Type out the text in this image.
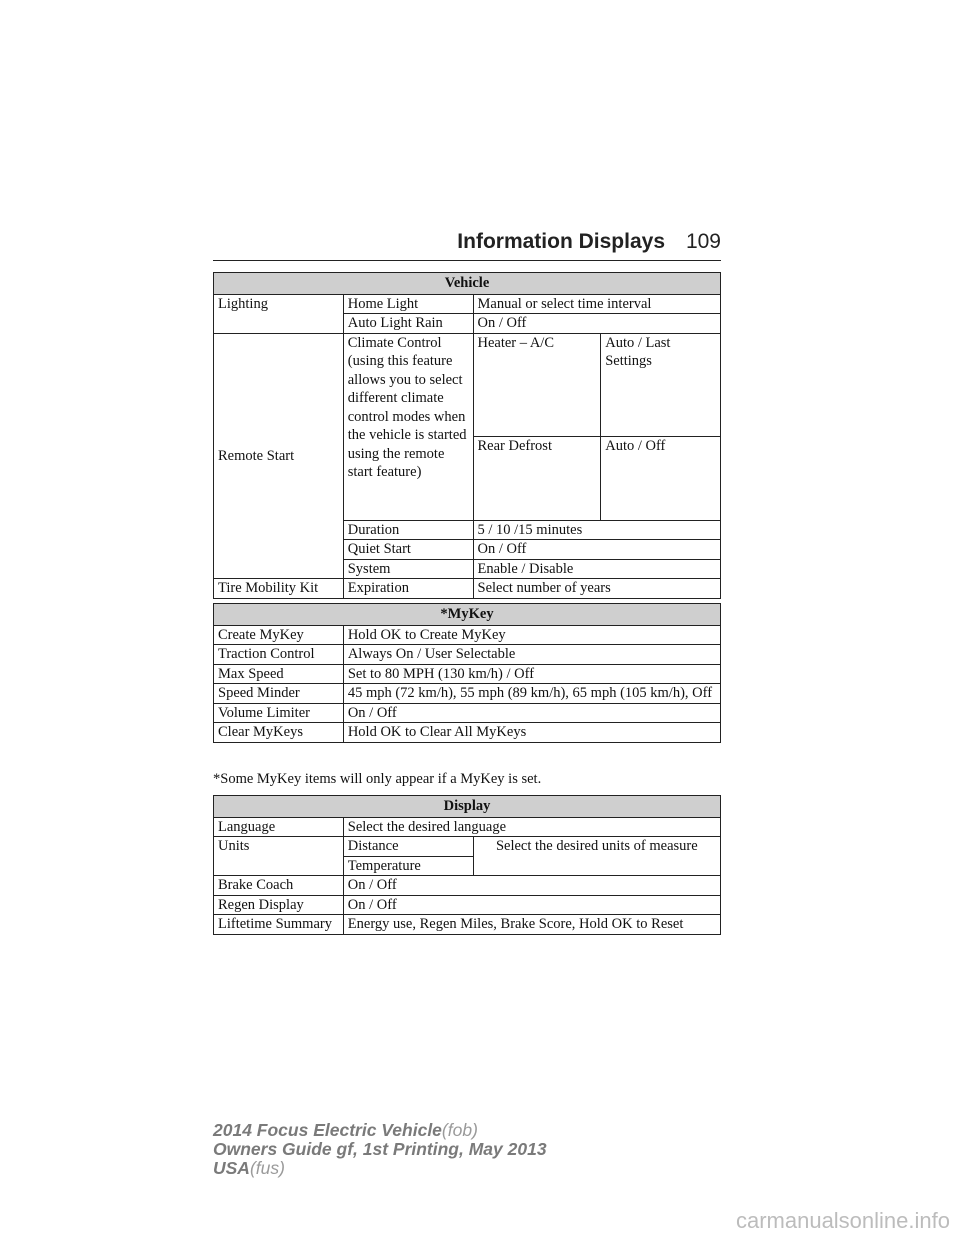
Information Displays 109
Vehicle			
Lighting	Home Light	Manual or select time interval	
	Auto Light Rain	On / Off	
Remote Start	Climate Control (using this feature allows you to select different climate control modes when the vehicle is started using the remote start feature)	Heater – A/C	Auto / Last Settings
		Rear Defrost	Auto / Off
	Duration	5 / 10 /15 minutes	
	Quiet Start	On / Off	
	System	Enable / Disable	
Tire Mobility Kit	Expiration	Select number of years	
*MyKey	
Create MyKey	Hold OK to Create MyKey
Traction Control	Always On / User Selectable
Max Speed	Set to 80 MPH (130 km/h) / Off
Speed Minder	45 mph (72 km/h), 55 mph (89 km/h), 65 mph (105 km/h), Off
Volume Limiter	On / Off
Clear MyKeys	Hold OK to Clear All MyKeys
*Some MyKey items will only appear if a MyKey is set.
Display		
Language	Select the desired language	
Units	Distance	Select the desired units of measure
	Temperature	
Brake Coach	On / Off	
Regen Display	On / Off	
Liftetime Summary	Energy use, Regen Miles, Brake Score, Hold OK to Reset	
2014 Focus Electric Vehicle(fob)
Owners Guide gf, 1st Printing, May 2013
USA(fus)
carmanualsonline.info
